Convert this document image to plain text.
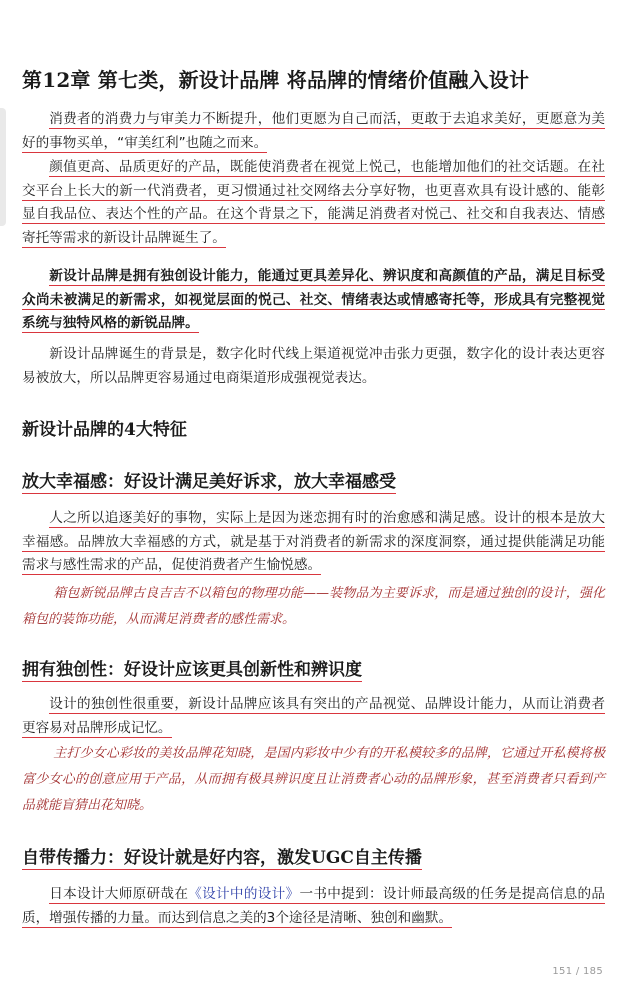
第12章 第七类，新设计品牌 将品牌的情绪价值融入设计

消费者的消费力与审美力不断提升，他们更愿为自己而活，更敢于去追求美好，更愿意为美好的事物买单，“审美红利”也随之而来。

颜值更高、品质更好的产品，既能使消费者在视觉上悦己，也能增加他们的社交话题。在社交平台上长大的新一代消费者，更习惯通过社交网络去分享好物，也更喜欢具有设计感的、能彰显自我品位、表达个性的产品。在这个背景之下，能满足消费者对悦己、社交和自我表达、情感寄托等需求的新设计品牌诞生了。

新设计品牌是拥有独创设计能力，能通过更具差异化、辨识度和高颜值的产品，满足目标受众尚未被满足的新需求，如视觉层面的悦己、社交、情绪表达或情感寄托等，形成具有完整视觉系统与独特风格的新锐品牌。

新设计品牌诞生的背景是，数字化时代线上渠道视觉冲击张力更强，数字化的设计表达更容易被放大，所以品牌更容易通过电商渠道形成强视觉表达。

新设计品牌的4大特征
放大幸福感：好设计满足美好诉求，放大幸福感受

人之所以追逐美好的事物，实际上是因为迷恋拥有时的治愈感和满足感。设计的根本是放大幸福感。品牌放大幸福感的方式，就是基于对消费者的新需求的深度洞察，通过提供能满足功能需求与感性需求的产品，促使消费者产生愉悦感。

箱包新锐品牌古良吉吉不以箱包的物理功能——装物品为主要诉求，而是通过独创的设计，强化箱包的装饰功能，从而满足消费者的感性需求。

拥有独创性：好设计应该更具创新性和辨识度

设计的独创性很重要，新设计品牌应该具有突出的产品视觉、品牌设计能力，从而让消费者更容易对品牌形成记忆。

主打少女心彩妆的美妆品牌花知晓，是国内彩妆中少有的开私模较多的品牌，它通过开私模将极富少女心的创意应用于产品，从而拥有极具辨识度且让消费者心动的品牌形象，甚至消费者只看到产品就能盲猜出花知晓。

自带传播力：好设计就是好内容，激发UGC自主传播

日本设计大师原研哉在《设计中的设计》一书中提到：设计师最高级的任务是提高信息的品质，增强传播的力量。而达到信息之美的3个途径是清晰、独创和幽默。

151 / 185
